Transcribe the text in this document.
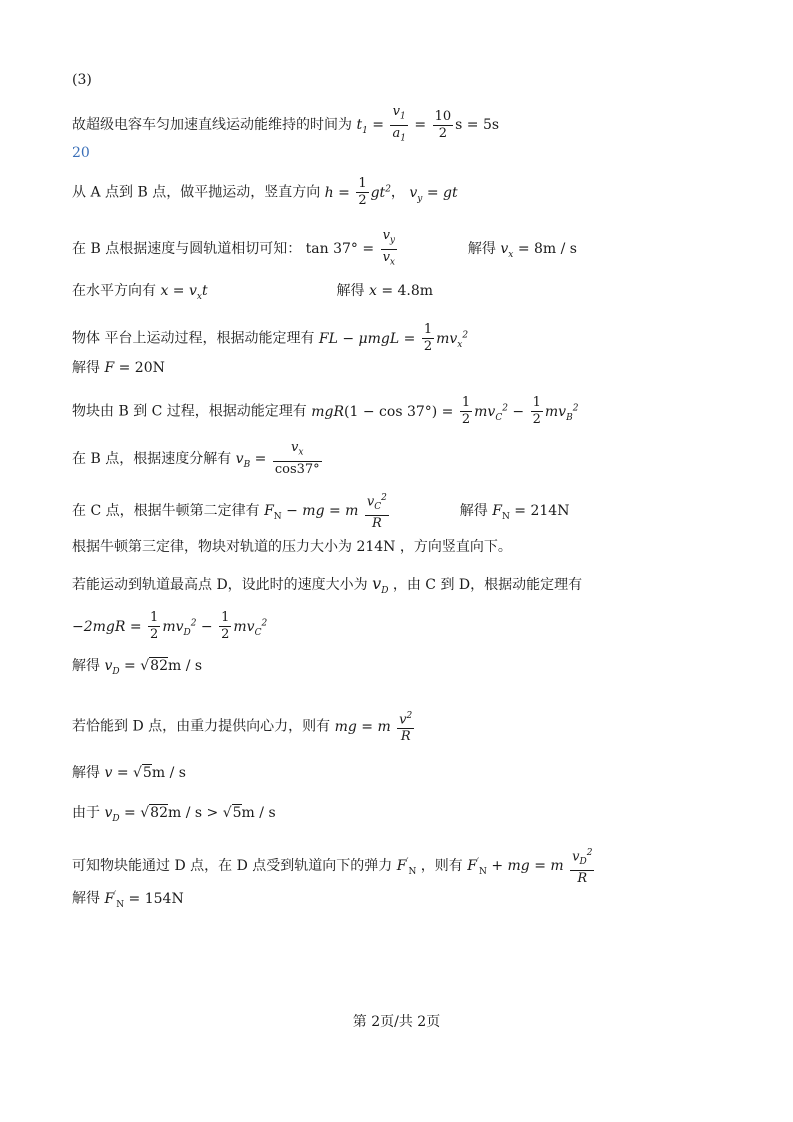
(3)
故超级电容车匀加速直线运动能维持的时间为 $t_1 = \frac{v_1}{a_1} = \frac{10}{2}$ s = 5s
20
从 A 点到 B 点，做平抛运动，竖直方向 $h = \frac{1}{2} gt^2$， $v_y$ = gt
在 B 点根据速度与圆轨道相切可知： $\tan 37^\circ = \frac{v_y}{v_x}$	解得 $v_x = 8m / s$
在水平方向有 $x = v_xt$	解得 x = 4.8m
物体 平台上运动过程，根据动能定理有 FL − $\mu mgL = \frac{1}{2} mv_x^2$
解得 F = 20N
物块由 B 到 C 过程，根据动能定理有 $mgR(1 - \cos 37^\circ) = \frac{1}{2} mv_C^2 - \frac{1}{2} mv_B^2$
在 B 点，根据速度分解有 $v_B = \frac{v_x}{\cos 37^\circ}$
在 C 点，根据牛顿第二定律有 $F_N$ − mg = m $\frac{v_C^2}{R}$	解得 $F_N = 214N$
根据牛顿第三定律，物块对轨道的压力大小为 214N ，方向竖直向下。
若能运动到轨道最高点 D，设此时的速度大小为 $v_D$ ，由 C 到 D，根据动能定理有
$-2mgR = \frac{1}{2} mv_D^2 - \frac{1}{2} mv_C^2$
解得 $v_D = √82m / s$
若恰能到 D 点，由重力提供向心力，则有 mg = m $\frac{v^2}{R}$
解得 v = √5m / s
由于 $v_D = √82m / s > √5m / s$
可知物块能通过 D 点，在 D 点受到轨道向下的弹力 $F'_N$ ，则有 $F'_N$ + mg = m $\frac{v_D^2}{R}$
解得 $F'_N = 154N$
第 2页/共 2页
